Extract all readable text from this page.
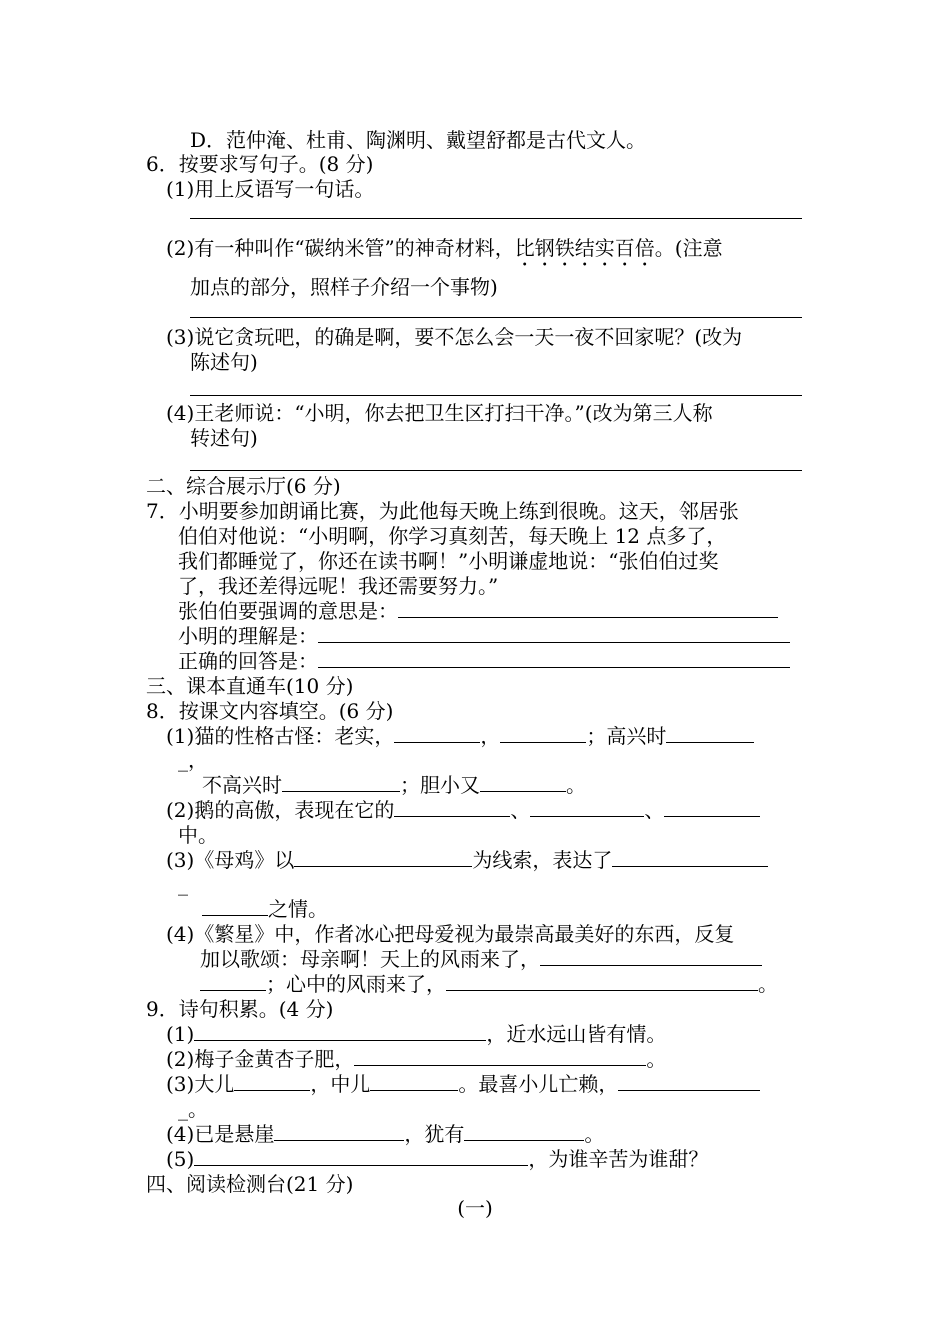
D．范仲淹、杜甫、陶渊明、戴望舒都是古代文人。
6．按要求写句子。(8 分)
(1)用上反语写一句话。
(2)有一种叫作“碳纳米管”的神奇材料，比钢铁结实百倍。(注意
加点的部分，照样子介绍一个事物)
(3)说它贪玩吧，的确是啊，要不怎么会一天一夜不回家呢？(改为
陈述句)
(4)王老师说：“小明，你去把卫生区打扫干净。”(改为第三人称
转述句)
二、综合展示厅(6 分)
7．小明要参加朗诵比赛，为此他每天晚上练到很晚。这天，邻居张
伯伯对他说：“小明啊，你学习真刻苦，每天晚上 12 点多了，
我们都睡觉了，你还在读书啊！”小明谦虚地说：“张伯伯过奖
了，我还差得远呢！我还需要努力。”
张伯伯要强调的意思是：
小明的理解是：
正确的回答是：
三、课本直通车(10 分)
8．按课文内容填空。(6 分)
(1)猫的性格古怪：老实，	，	；高兴时
_，
不高兴时	；胆小又	。
(2)鹅的高傲，表现在它的	、	、
中。
(3)《母鸡》以	为线索，表达了
_
之情。
(4)《繁星》中，作者冰心把母爱视为最崇高最美好的东西，反复
加以歌颂：母亲啊！天上的风雨来了，
；心中的风雨来了，	。
9．诗句积累。(4 分)
(1)	，近水远山皆有情。
(2)梅子金黄杏子肥，	。
(3)大儿	，中儿	。最喜小儿亡赖，
_。
(4)已是悬崖	，犹有	。
(5)	，为谁辛苦为谁甜？
四、阅读检测台(21 分)
(一)
